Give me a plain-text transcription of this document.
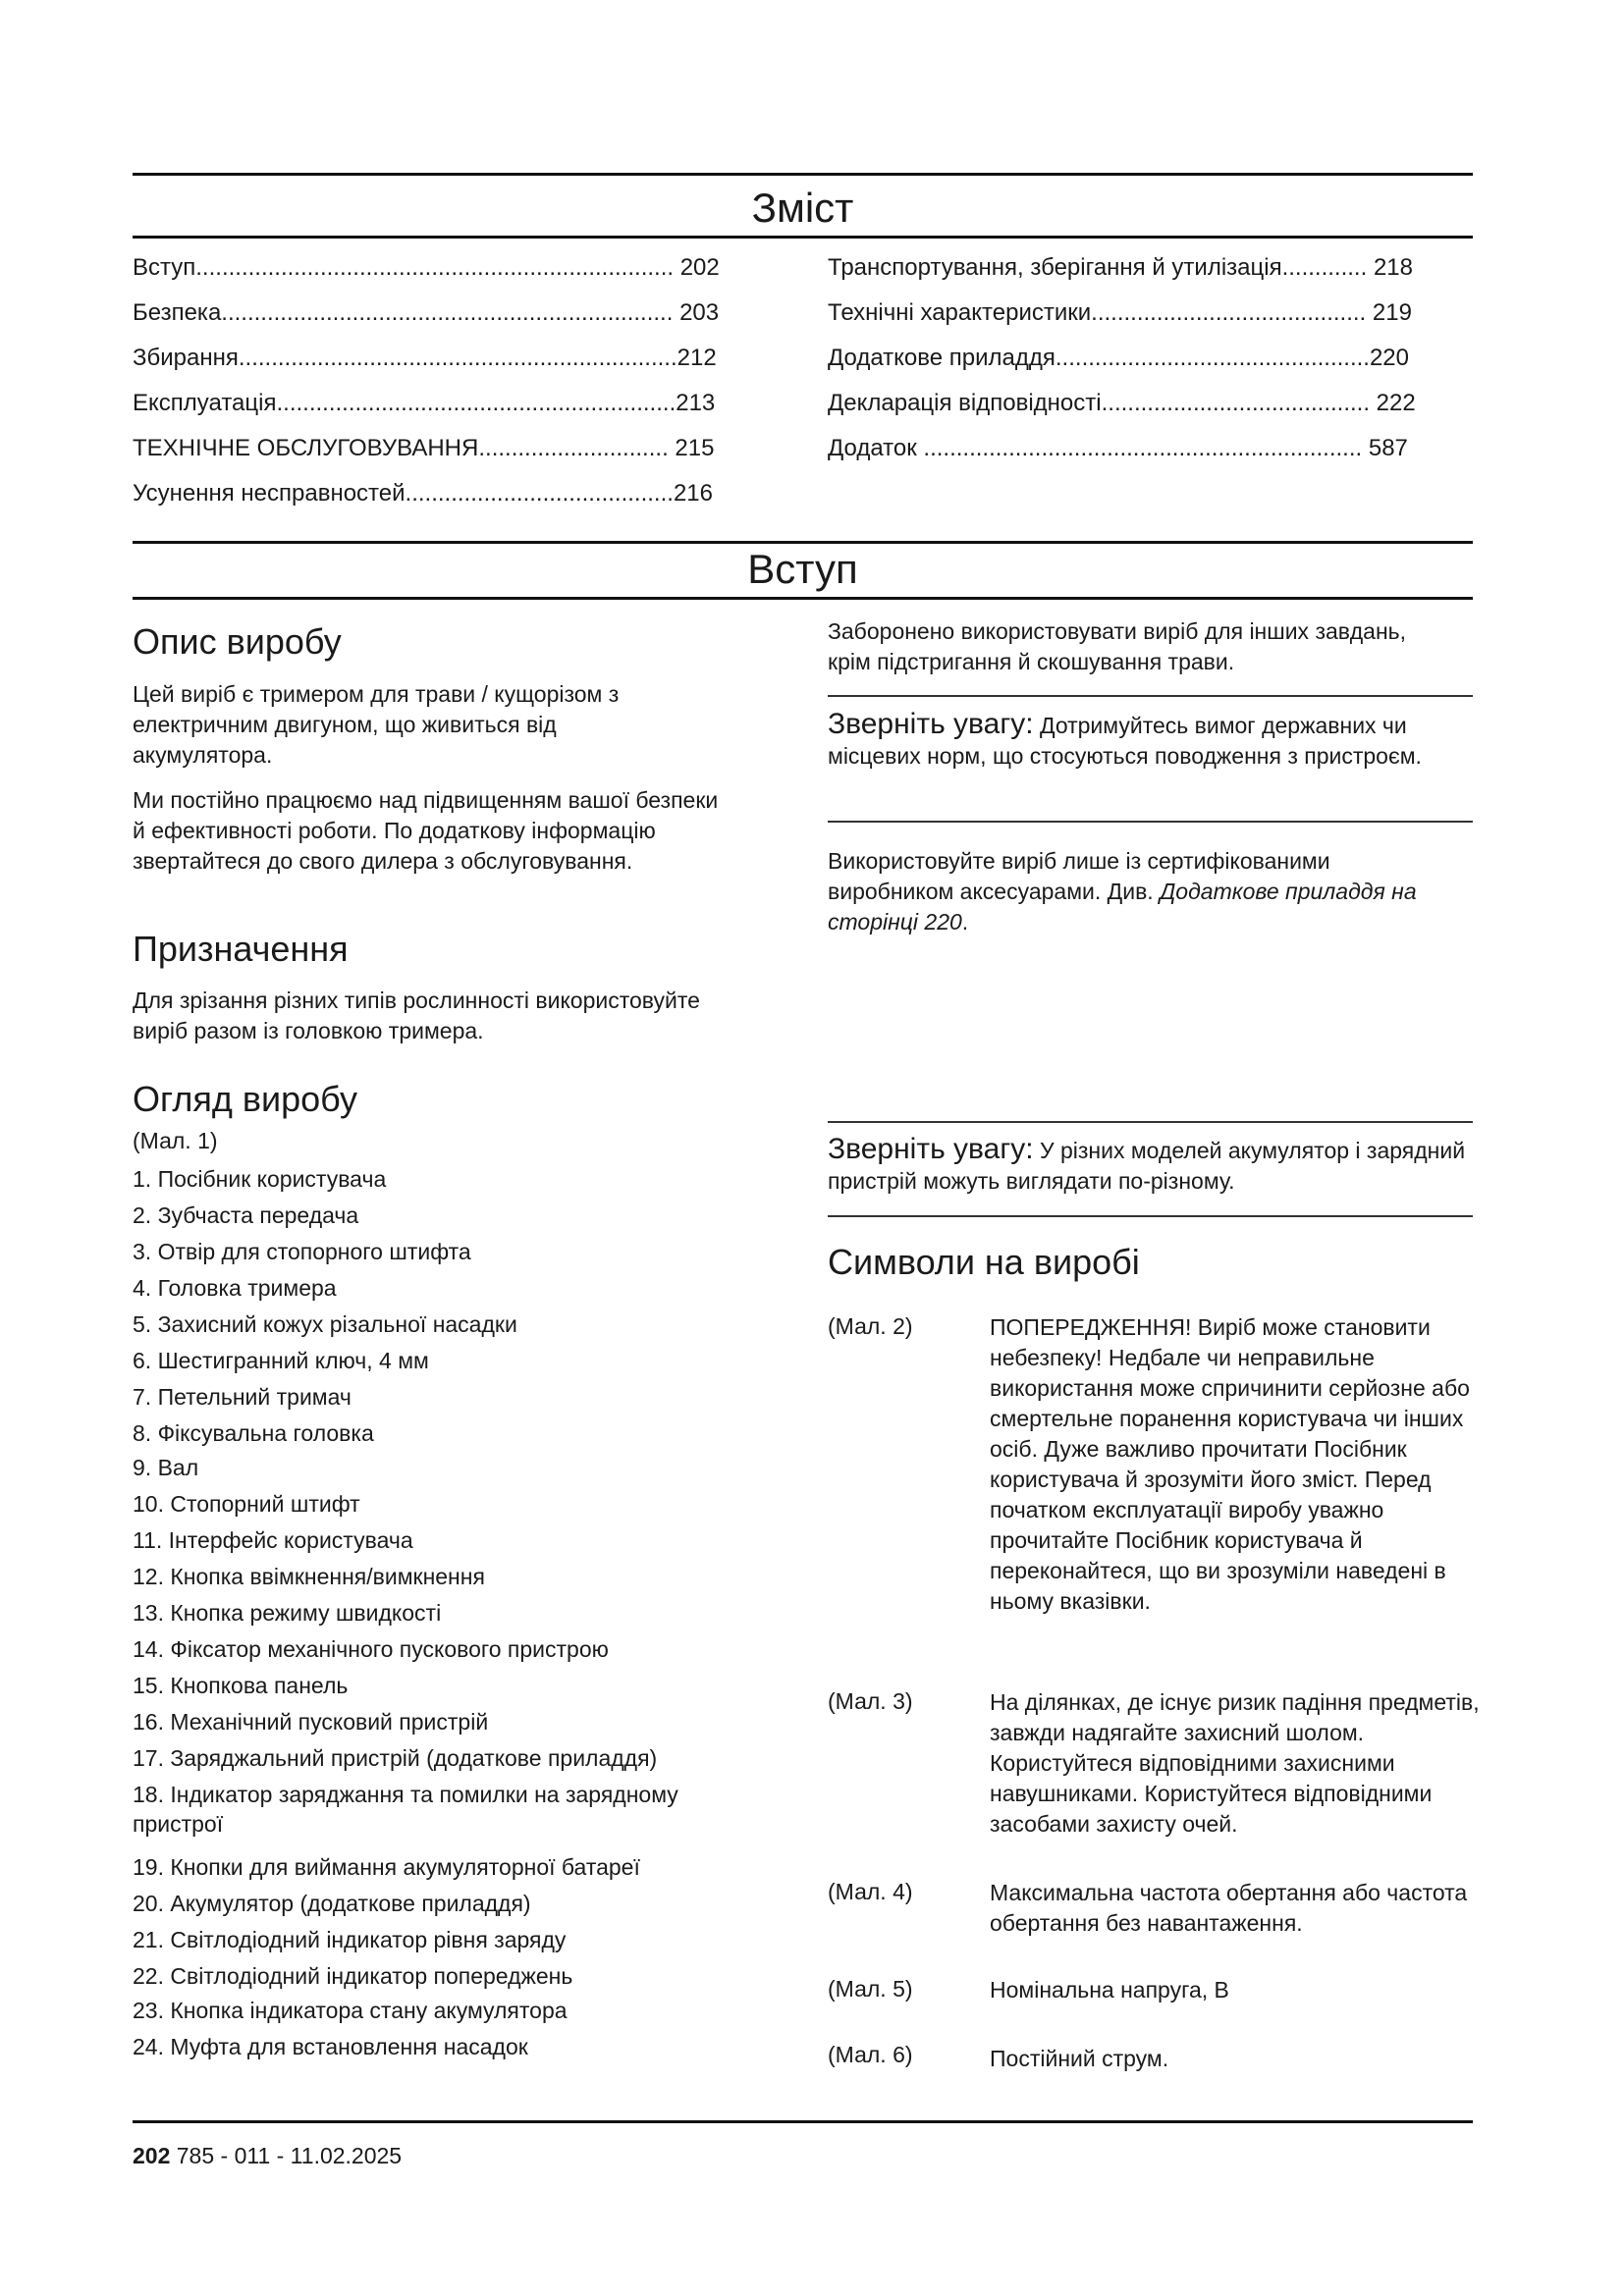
Зміст
Вступ......................................................................... 202
Безпека..................................................................... 203
Збирання...................................................................212
Експлуатація.............................................................213
ТЕХНІЧНЕ ОБСЛУГОВУВАННЯ............................. 215
Усунення несправностей.........................................216
Транспортування, зберігання й утилізація............. 218
Технічні характеристики.......................................... 219
Додаткове приладдя................................................220
Декларація відповідності......................................... 222
Додаток ................................................................... 587
Вступ
Опис виробу

Цей виріб є тримером для трави / кущорізом з електричним двигуном, що живиться від акумулятора.

Ми постійно працюємо над підвищенням вашої безпеки й ефективності роботи. По додаткову інформацію звертайтеся до свого дилера з обслуговування.

Призначення

Для зрізання різних типів рослинності використовуйте виріб разом із головкою тримера.

Огляд виробу

(Мал. 1)

1. Посібник користувача
2. Зубчаста передача
3. Отвір для стопорного штифта
4. Головка тримера
5. Захисний кожух різальної насадки
6. Шестигранний ключ, 4 мм
7. Петельний тримач
8. Фіксувальна головка
9. Вал
10. Стопорний штифт
11. Інтерфейс користувача
12. Кнопка ввімкнення/вимкнення
13. Кнопка режиму швидкості
14. Фіксатор механічного пускового пристрою
15. Кнопкова панель
16. Механічний пусковий пристрій
17. Заряджальний пристрій (додаткове приладдя)
18. Індикатор заряджання та помилки на зарядному пристрої
19. Кнопки для виймання акумуляторної батареї
20. Акумулятор (додаткове приладдя)
21. Світлодіодний індикатор рівня заряду
22. Світлодіодний індикатор попереджень
23. Кнопка індикатора стану акумулятора
24. Муфта для встановлення насадок

Заборонено використовувати виріб для інших завдань, крім підстригання й скошування трави.

Зверніть увагу: Дотримуйтесь вимог державних чи місцевих норм, що стосуються поводження з пристроєм.

Використовуйте виріб лише із сертифікованими виробником аксесуарами. Див. Додаткове приладдя на сторінці 220.

Зверніть увагу: У різних моделей акумулятор і зарядний пристрій можуть виглядати по-різному.

Символи на виробі
(Мал. 2)	ПОПЕРЕДЖЕННЯ! Виріб може становити небезпеку! Недбале чи неправильне використання може спричинити серйозне або смертельне поранення користувача чи інших осіб. Дуже важливо прочитати Посібник користувача й зрозуміти його зміст. Перед початком експлуатації виробу уважно прочитайте Посібник користувача й переконайтеся, що ви зрозуміли наведені в ньому вказівки.

(Мал. 3)	На ділянках, де існує ризик падіння предметів, завжди надягайте захисний шолом. Користуйтеся відповідними захисними навушниками. Користуйтеся відповідними засобами захисту очей.

(Мал. 4)	Максимальна частота обертання або частота обертання без навантаження.

(Мал. 5)	Номінальна напруга, В

(Мал. 6)	Постійний струм.

202 785 - 011 - 11.02.2025
